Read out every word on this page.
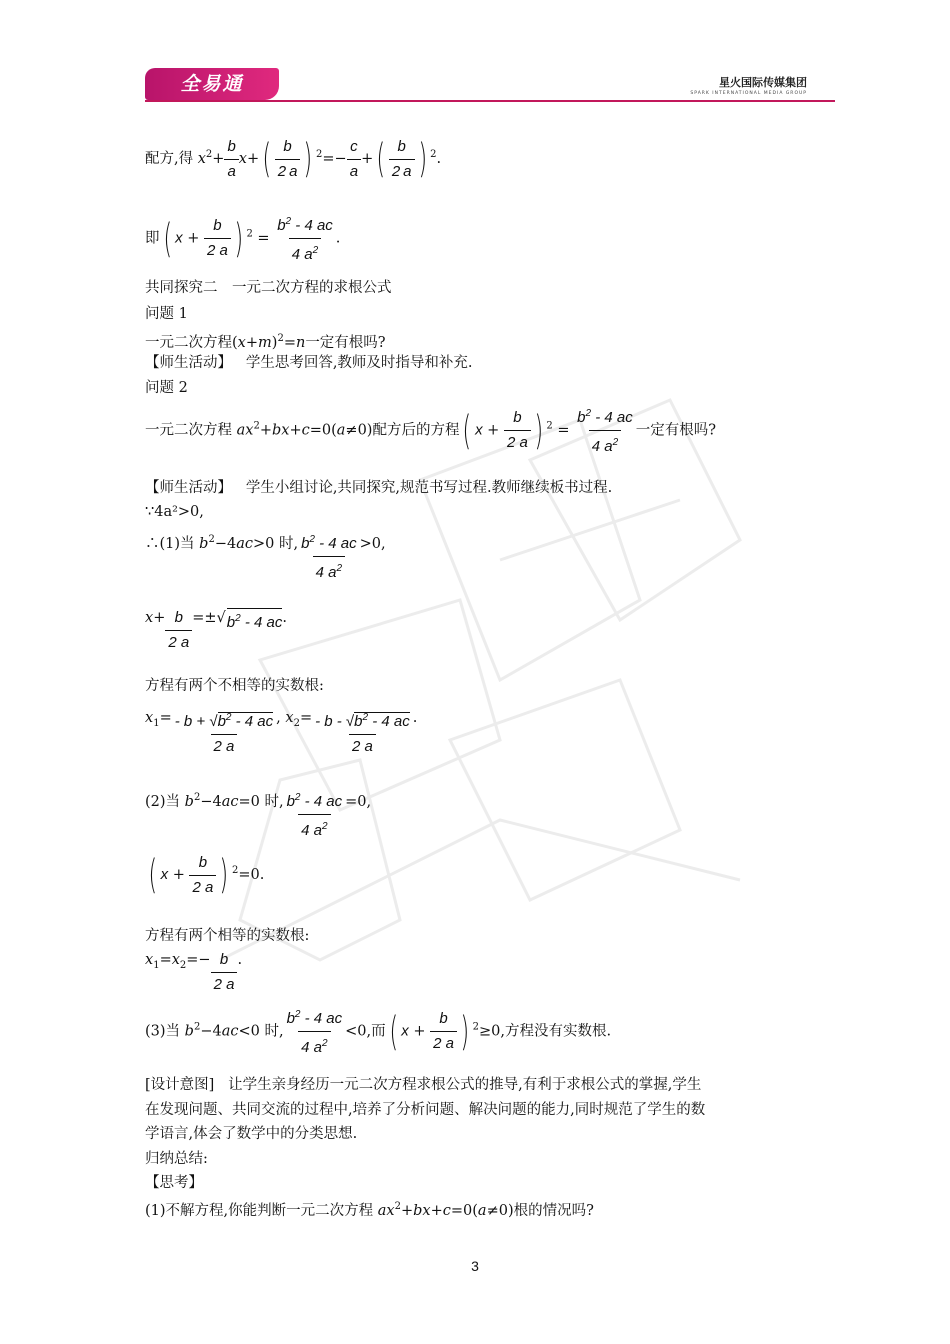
全易通	星火国际传媒集团
SPARK INTERNATIONAL MEDIA GROUP
配方,得 $x^2+ \frac{b}{a} x+( \frac{b}{2 a}$ ) $^2=- \frac{c}{a}$ +( $\frac{b}{2 a}$ ) $^2$.
即( $x + \frac{b}{2 a}$ ) $^2 = \frac{b^2 - 4 ac}{4 a^2}$ .
共同探究二　一元二次方程的求根公式
问题 1
一元二次方程$(x+m)^2=n$一定有根吗?
【师生活动】 学生思考回答,教师及时指导和补充.
问题 2
一元二次方程 $ax^2+bx+c=0(a\ne 0)$配方后的方程( $x + \frac{b}{2 a}$ ) $^2 = \frac{b^2 - 4 ac}{4 a^2}$ 一定有根吗?
【师生活动】 学生小组讨论,共同探究,规范书写过程.教师继续板书过程.
∵4a²>0,
∴(1)当 $b^2-4ac>0$ 时, $\frac{b^2 - 4 ac}{4 a^2} >0$,
$x+ \frac{b}{2 a}$ =±√ $b^2 - 4$ ac .
方程有两个不相等的实数根:
$x_1= \frac{- b + √b^2 - 4 ac}{2 a}$ , $x_2= \frac{- b - √b^2 - 4 ac}{2 a}$ .
(2)当 $b^2-4ac=0$ 时, $\frac{b^2 - 4 ac}{4 a^2} =0$,
( $x + \frac{b}{2 a}$ ) $^2$=0.
方程有两个相等的实数根:
$x_1=x_2=- \frac{b}{2 a}$ .
(3)当 $b^2-4ac<0$ 时, $\frac{b^2 - 4 ac}{4 a^2} <0$,而( $x + \frac{b}{2 a}$ ) $^2$≥0,方程没有实数根.
[设计意图] 让学生亲身经历一元二次方程求根公式的推导,有利于求根公式的掌握,学生
在发现问题、共同交流的过程中,培养了分析问题、解决问题的能力,同时规范了学生的数
学语言,体会了数学中的分类思想.
归纳总结:
【思考】
(1)不解方程,你能判断一元二次方程 $ax^2+bx+c=0(a\ne 0)$根的情况吗?
3
